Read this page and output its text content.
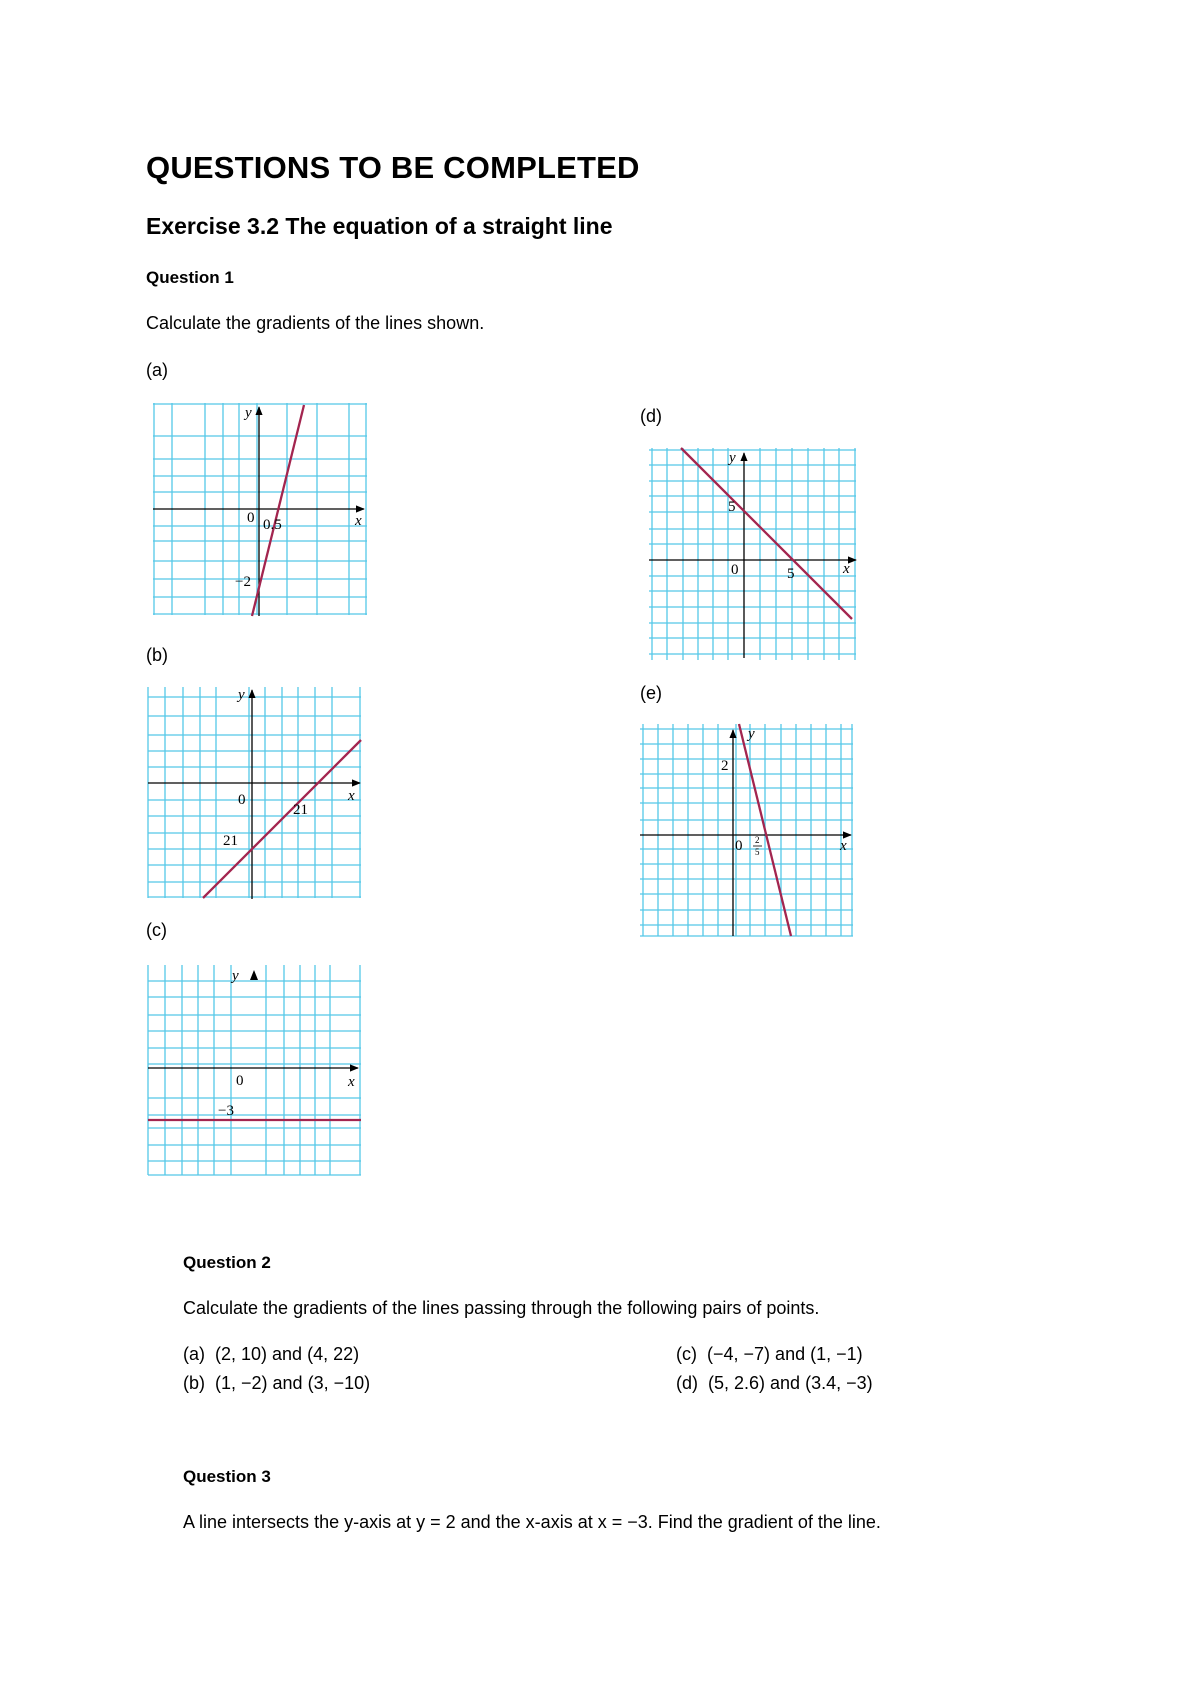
QUESTIONS TO BE COMPLETED
Exercise 3.2 The equation of a straight line
Question 1
Calculate the gradients of the lines shown.
(a)
(b)
(c)
(d)
(e)
y
x
0 0.5
−2
y
x
0
21
21
y
x
0
−3
y
x
0	5
5
y
x
0
2
2
5
Question 2
Calculate the gradients of the lines passing through the following pairs of points.
(a) (2, 10) and (4, 22)
(b) (1, −2) and (3, −10)
(c) (−4, −7) and (1, −1)
(d) (5, 2.6) and (3.4, −3)
Question 3
A line intersects the y-axis at y = 2 and the x-axis at x = −3. Find the gradient of the line.
